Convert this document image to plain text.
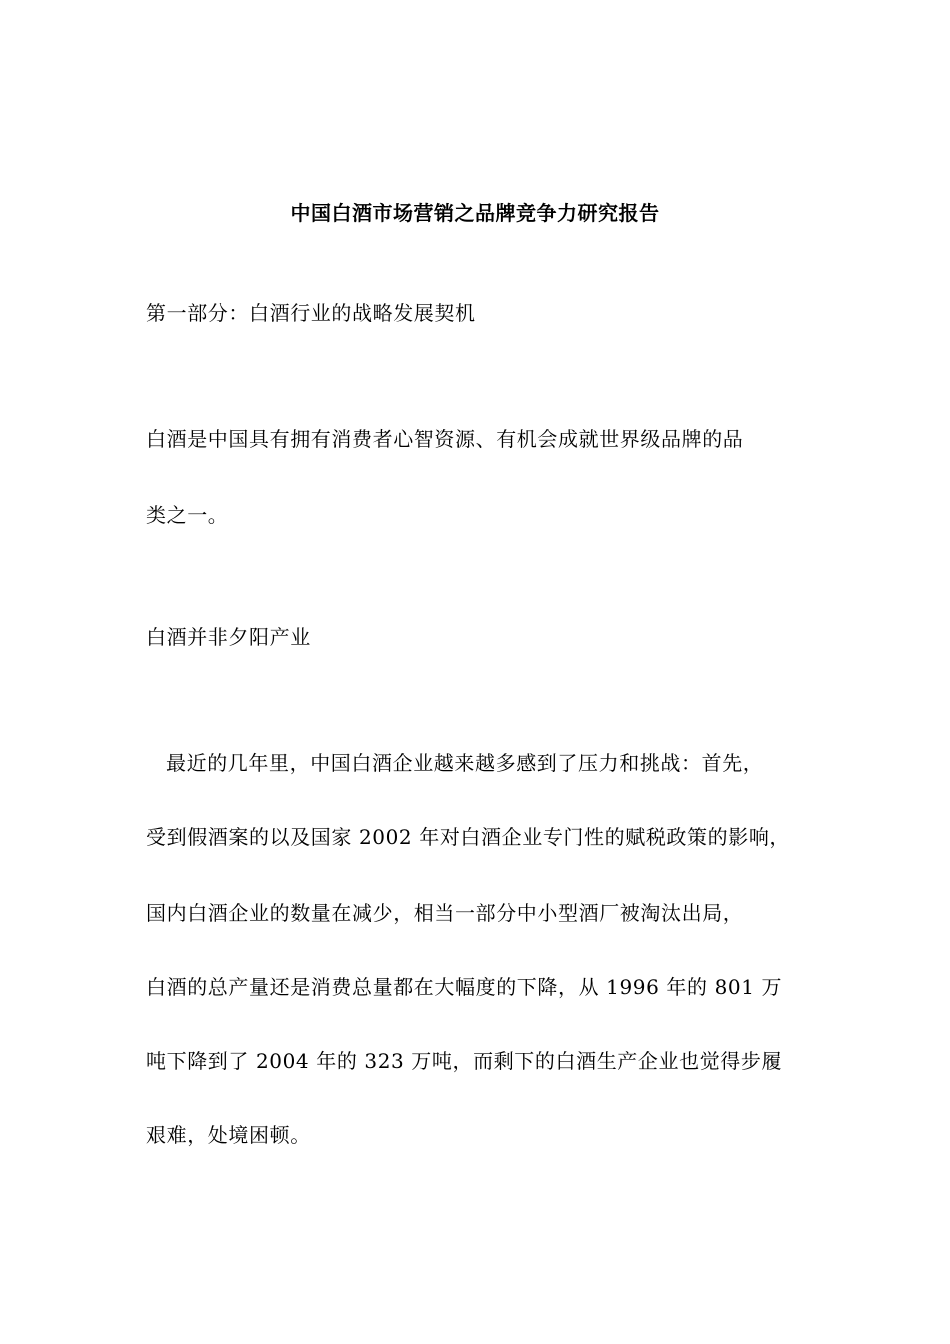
中国白酒市场营销之品牌竞争力研究报告
第一部分：白酒行业的战略发展契机
白酒是中国具有拥有消费者心智资源、有机会成就世界级品牌的品
类之一。
白酒并非夕阳产业
最近的几年里，中国白酒企业越来越多感到了压力和挑战：首先，
受到假酒案的以及国家 2002 年对白酒企业专门性的赋税政策的影响，
国内白酒企业的数量在减少，相当一部分中小型酒厂被淘汰出局，
白酒的总产量还是消费总量都在大幅度的下降，从 1996 年的 801 万
吨下降到了 2004 年的 323 万吨，而剩下的白酒生产企业也觉得步履
艰难，处境困顿。
